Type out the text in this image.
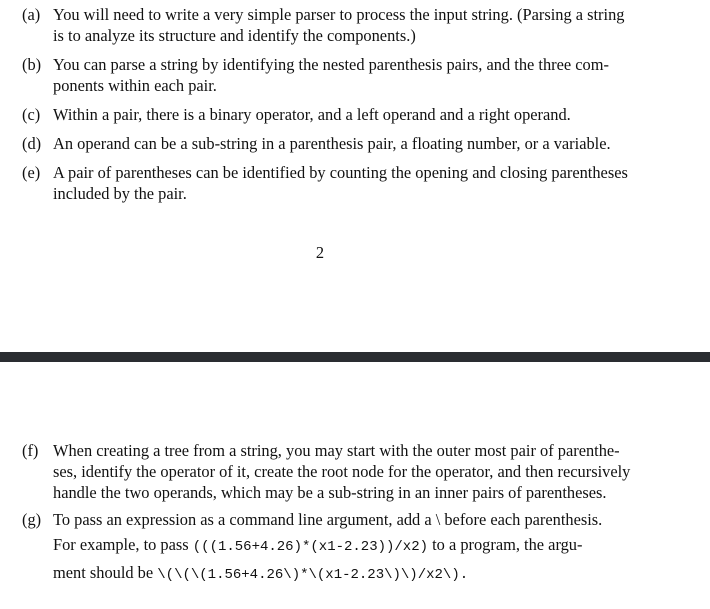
(a) You will need to write a very simple parser to process the input string. (Parsing a string
is to analyze its structure and identify the components.)
(b) You can parse a string by identifying the nested parenthesis pairs, and the three com-
ponents within each pair.
(c) Within a pair, there is a binary operator, and a left operand and a right operand.
(d) An operand can be a sub-string in a parenthesis pair, a floating number, or a variable.
(e) A pair of parentheses can be identified by counting the opening and closing parentheses
included by the pair.
2
(f) When creating a tree from a string, you may start with the outer most pair of parenthe-
ses, identify the operator of it, create the root node for the operator, and then recursively
handle the two operands, which may be a sub-string in an inner pairs of parentheses.
(g) To pass an expression as a command line argument, add a \ before each parenthesis.
For example, to pass (((1.56+4.26)*(x1-2.23))/x2) to a program, the argu-
ment should be \(\(\(1.56+4.26\)*\(x1-2.23\)\)/x2\).
